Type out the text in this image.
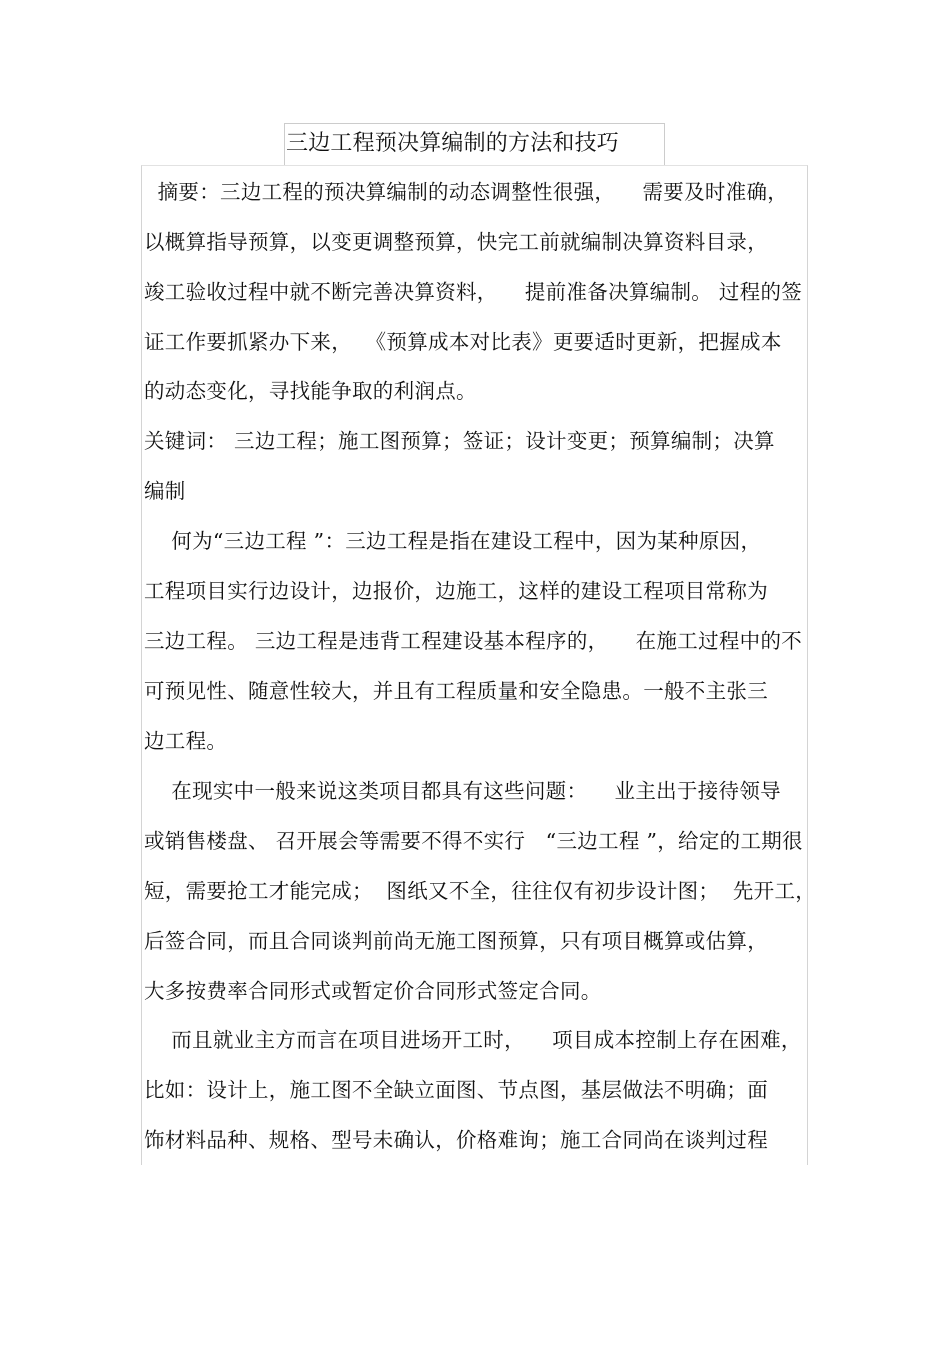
三边工程预决算编制的方法和技巧
摘要：三边工程的预决算编制的动态调整性很强，    需要及时准确，
以概算指导预算，以变更调整预算，快完工前就编制决算资料目录，
竣工验收过程中就不断完善决算资料，    提前准备决算编制。 过程的签
证工作要抓紧办下来，  《预算成本对比表》更要适时更新，把握成本
的动态变化，寻找能争取的利润点。
关键词： 三边工程；施工图预算；签证；设计变更；预算编制；决算
编制
何为“三边工程 ”：三边工程是指在建设工程中，因为某种原因，
工程项目实行边设计，边报价，边施工，这样的建设工程项目常称为
三边工程。 三边工程是违背工程建设基本程序的，    在施工过程中的不
可预见性、随意性较大，并且有工程质量和安全隐患。一般不主张三
边工程。
在现实中一般来说这类项目都具有这些问题：    业主出于接待领导
或销售楼盘、 召开展会等需要不得不实行   “三边工程 ”，给定的工期很
短，需要抢工才能完成；  图纸又不全，往往仅有初步设计图；  先开工，
后签合同，而且合同谈判前尚无施工图预算，只有项目概算或估算，
大多按费率合同形式或暂定价合同形式签定合同。
而且就业主方而言在项目进场开工时，    项目成本控制上存在困难，
比如：设计上，施工图不全缺立面图、节点图，基层做法不明确；面
饰材料品种、规格、型号未确认，价格难询；施工合同尚在谈判过程
